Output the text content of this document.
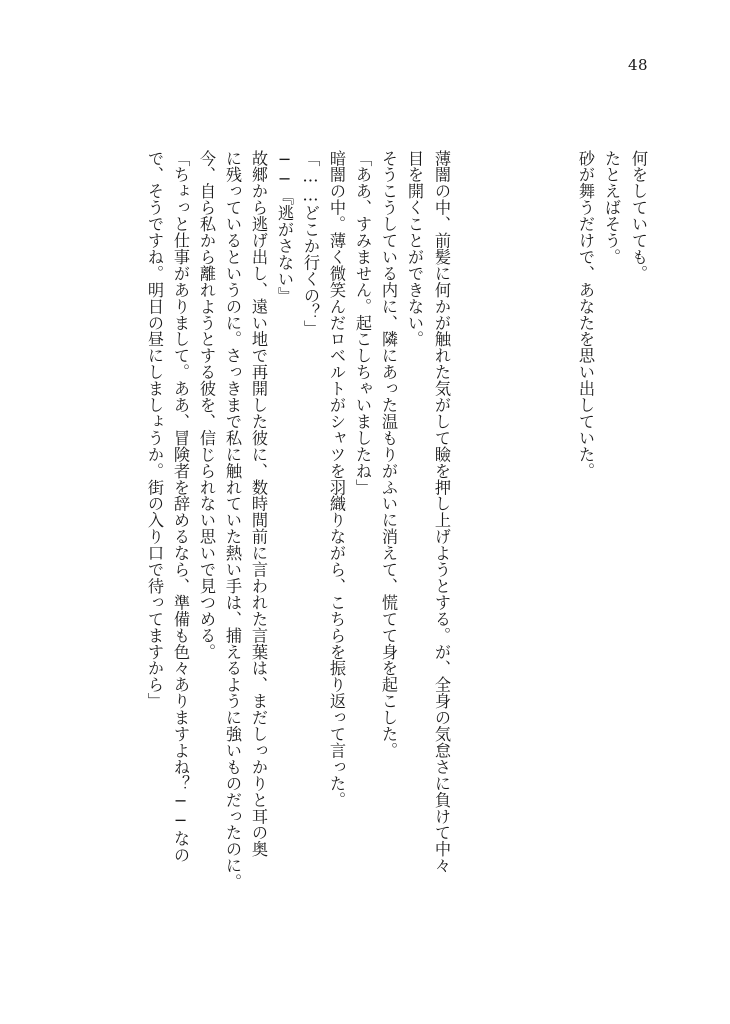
48
何をしていても。
たとえばそう。
砂が舞うだけで、あなたを思い出していた。
薄闇の中、前髪に何かが触れた気がして瞼を押し上げようとする。が、全身の気怠さに負けて中々
目を開くことができない。
そうこうしている内に、隣にあった温もりがふいに消えて、慌てて身を起こした。
「ああ、すみません。起こしちゃいましたね」
暗闇の中。薄く微笑んだロベルトがシャツを羽織りながら、こちらを振り返って言った。
「……どこか行くの？」
──『逃がさない』
故郷から逃げ出し、遠い地で再開した彼に、数時間前に言われた言葉は、まだしっかりと耳の奥
に残っているというのに。さっきまで私に触れていた熱い手は、捕えるように強いものだったのに。
今、自ら私から離れようとする彼を、信じられない思いで見つめる。
「ちょっと仕事がありまして。ああ、冒険者を辞めるなら、準備も色々ありますよね？──なの
で、そうですね。明日の昼にしましょうか。街の入り口で待ってますから」
